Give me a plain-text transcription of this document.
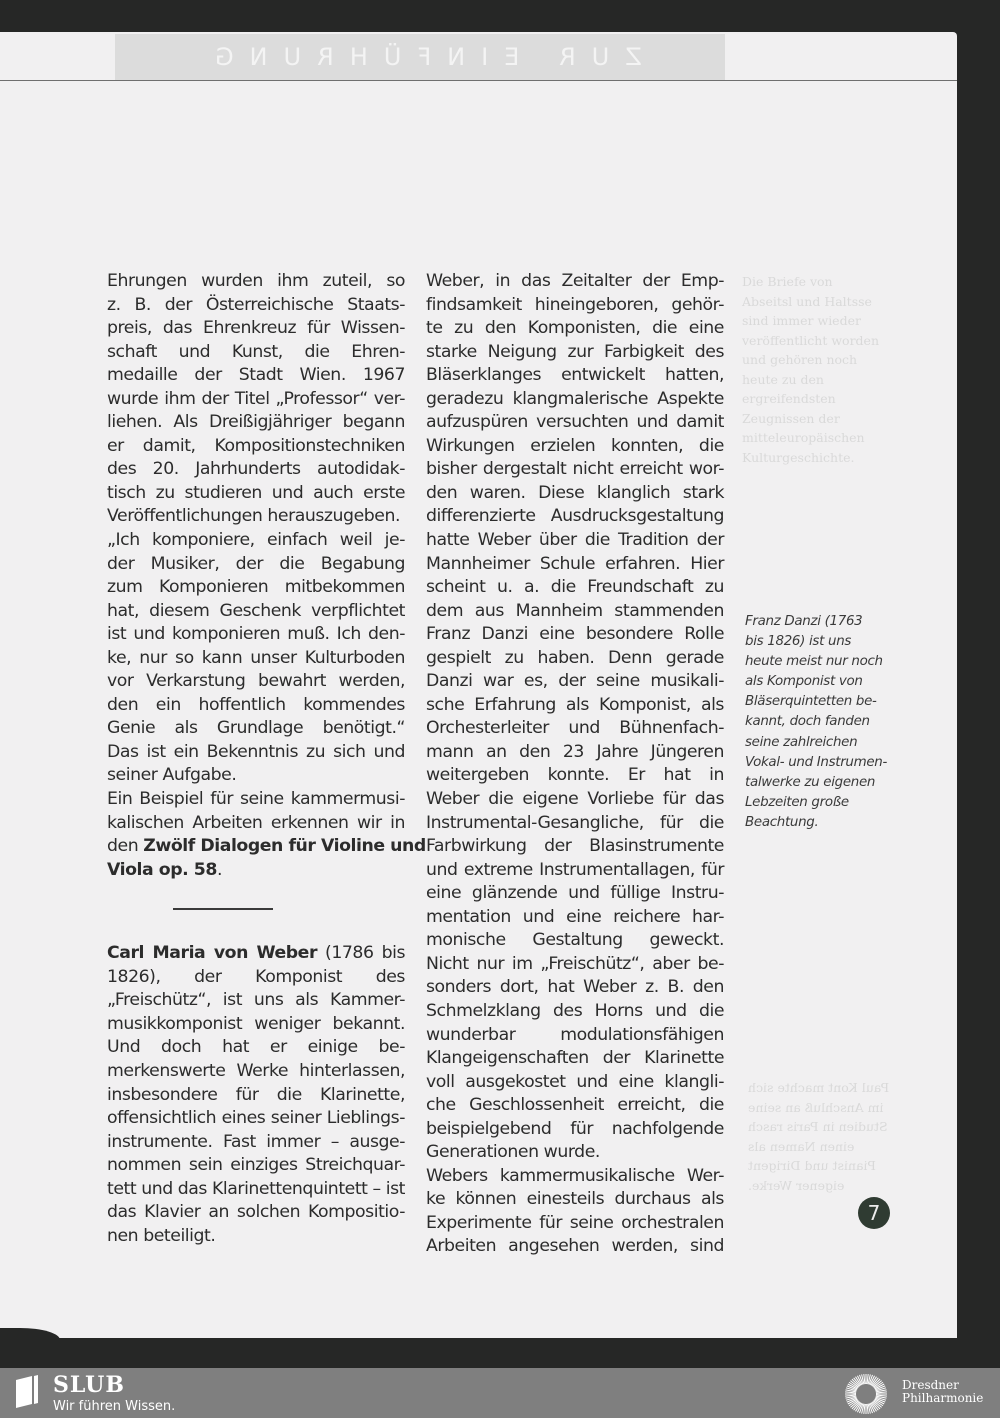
ZUR EINFÜHRUNG
Die Briefe von
Abseitsl und Haltsse
sind immer wieder
veröffentlicht worden
und gehören noch
heute zu den
ergreifendsten
Zeugnissen der
mitteleuropäischen
Kulturgeschichte.
Paul Kont machte sich
im Anschluß an seine
Studien in Paris rasch
einen Namen als
Pianist und Dirigent
eigener Werke.
Ehrungen wurden ihm zuteil, so
z. B. der Österreichische Staats-
preis, das Ehrenkreuz für Wissen-
schaft und Kunst, die Ehren-
medaille der Stadt Wien. 1967
wurde ihm der Titel „Professor“ ver-
liehen. Als Dreißigjähriger begann
er damit, Kompositionstechniken
des 20. Jahrhunderts autodidak-
tisch zu studieren und auch erste
Veröffentlichungen herauszugeben.
„Ich komponiere, einfach weil je-
der Musiker, der die Begabung
zum Komponieren mitbekommen
hat, diesem Geschenk verpflichtet
ist und komponieren muß. Ich den-
ke, nur so kann unser Kulturboden
vor Verkarstung bewahrt werden,
den ein hoffentlich kommendes
Genie als Grundlage benötigt.“
Das ist ein Bekenntnis zu sich und
seiner Aufgabe.
Ein Beispiel für seine kammermusi-
kalischen Arbeiten erkennen wir in
den Zwölf Dialogen für Violine und
Viola op. 58.
Carl Maria von Weber (1786 bis
1826), der Komponist des
„Freischütz“, ist uns als Kammer-
musikkomponist weniger bekannt.
Und doch hat er einige be-
merkenswerte Werke hinterlassen,
insbesondere für die Klarinette,
offensichtlich eines seiner Lieblings-
instrumente. Fast immer – ausge-
nommen sein einziges Streichquar-
tett und das Klarinettenquintett – ist
das Klavier an solchen Kompositio-
nen beteiligt.
Weber, in das Zeitalter der Emp-
findsamkeit hineingeboren, gehör-
te zu den Komponisten, die eine
starke Neigung zur Farbigkeit des
Bläserklanges entwickelt hatten,
geradezu klangmalerische Aspekte
aufzuspüren versuchten und damit
Wirkungen erzielen konnten, die
bisher dergestalt nicht erreicht wor-
den waren. Diese klanglich stark
differenzierte Ausdrucksgestaltung
hatte Weber über die Tradition der
Mannheimer Schule erfahren. Hier
scheint u. a. die Freundschaft zu
dem aus Mannheim stammenden
Franz Danzi eine besondere Rolle
gespielt zu haben. Denn gerade
Danzi war es, der seine musikali-
sche Erfahrung als Komponist, als
Orchesterleiter und Bühnenfach-
mann an den 23 Jahre Jüngeren
weitergeben konnte. Er hat in
Weber die eigene Vorliebe für das
Instrumental-Gesangliche, für die
Farbwirkung der Blasinstrumente
und extreme Instrumentallagen, für
eine glänzende und füllige Instru-
mentation und eine reichere har-
monische Gestaltung geweckt.
Nicht nur im „Freischütz“, aber be-
sonders dort, hat Weber z. B. den
Schmelzklang des Horns und die
wunderbar modulationsfähigen
Klangeigenschaften der Klarinette
voll ausgekostet und eine klangli-
che Geschlossenheit erreicht, die
beispielgebend für nachfolgende
Generationen wurde.
Webers kammermusikalische Wer-
ke können einesteils durchaus als
Experimente für seine orchestralen
Arbeiten angesehen werden, sind
Franz Danzi (1763
bis 1826) ist uns
heute meist nur noch
als Komponist von
Bläserquintetten be-
kannt, doch fanden
seine zahlreichen
Vokal- und Instrumen-
talwerke zu eigenen
Lebzeiten große
Beachtung.
7
SLUB
Wir führen Wissen.
Dresdner
Philharmonie
